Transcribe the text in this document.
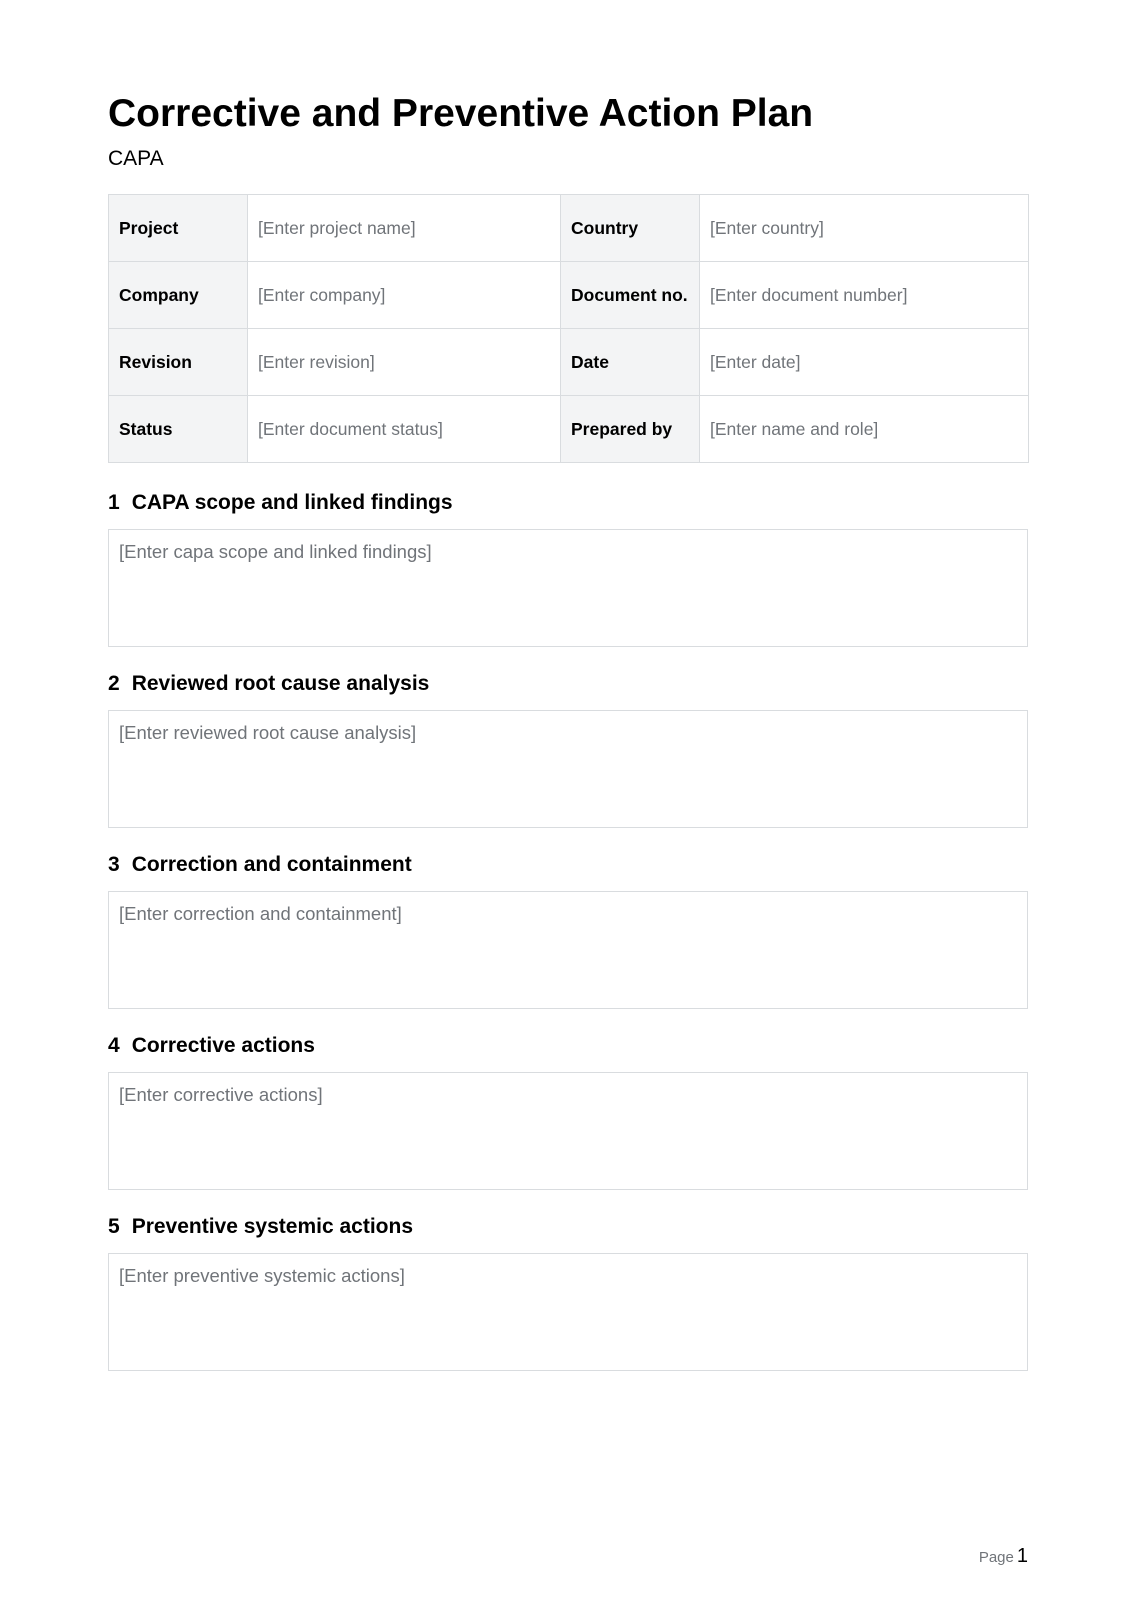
Corrective and Preventive Action Plan
CAPA
Project	[Enter project name]	Country	[Enter country]
Company	[Enter company]	Document no.	[Enter document number]
Revision	[Enter revision]	Date	[Enter date]
Status	[Enter document status]	Prepared by	[Enter name and role]
1 CAPA scope and linked findings
[Enter capa scope and linked findings]
2 Reviewed root cause analysis
[Enter reviewed root cause analysis]
3 Correction and containment
[Enter correction and containment]
4 Corrective actions
[Enter corrective actions]
5 Preventive systemic actions
[Enter preventive systemic actions]
Page 1
